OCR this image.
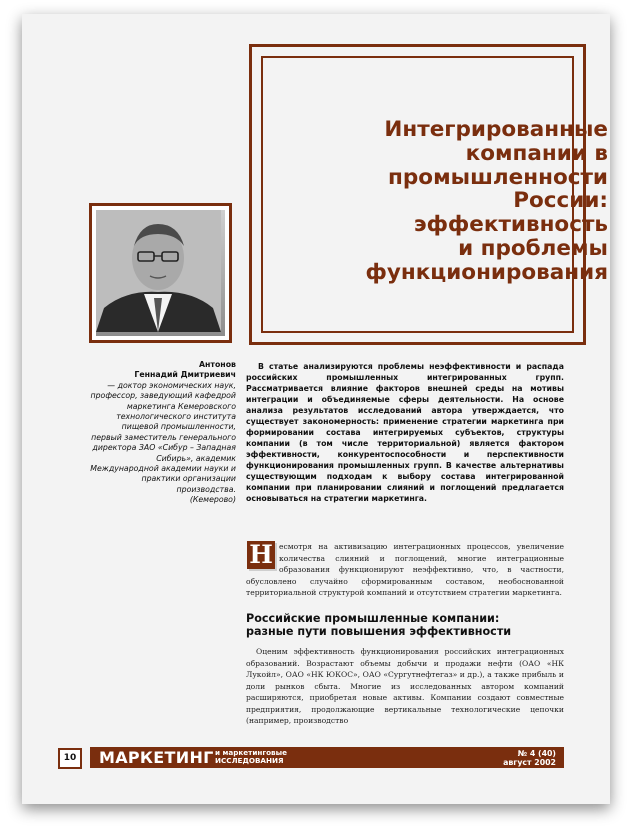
Интегрированные
компании в
промышленности
России:
эффективность
и проблемы
функционирования

Антонов

Геннадий Дмитриевич

— доктор экономических наук, профессор, заведующий кафедрой маркетинга Кемеровского технологического института пищевой промышленности, первый заместитель генерального директора ЗАО «Сибур – Западная Сибирь», академик Международной академии науки и практики организации производства.

(Кемерово)

В статье анализируются проблемы неэффективности и распада российских промышленных интегрированных групп. Рассматривается влияние факторов внешней среды на мотивы интеграции и объединяемые сферы деятельности. На основе анализа результатов исследований автора утверждается, что существует закономерность: применение стратегии маркетинга при формировании состава интегрируемых субъектов, структуры компании (в том числе территориальной) является фактором эффективности, конкурентоспособности и перспективности функционирования промышленных групп. В качестве альтернативы существующим подходам к выбору состава интегрированной компании при планировании слияний и поглощений предлагается основываться на стратегии маркетинга.

есмотря на активизацию интеграционных процессов, увеличение количества слияний и поглощений, многие интеграционные образования функционируют неэффективно, что, в частности, обусловлено случайно сформированным составом, необоснованной территориальной структурой компаний и отсутствием стратегии маркетинга.

Н
Российские промышленные компании:
разные пути повышения эффективности

Оценим эффективность функционирования российских интеграционных образований. Возрастают объемы добычи и продажи нефти (ОАО «НК Лукойл», ОАО «НК ЮКОС», ОАО «Сургутнефтегаз» и др.), а также прибыль и доли рынков сбыта. Многие из исследованных автором компаний расширяются, приобретая новые активы. Компании создают совместные предприятия, продолжающие вертикальные технологические цепочки (например, производство

10	МАРКЕТИНГ и маркетинговые
ИССЛЕДОВАНИЯ
№ 4 (40)
август 2002
